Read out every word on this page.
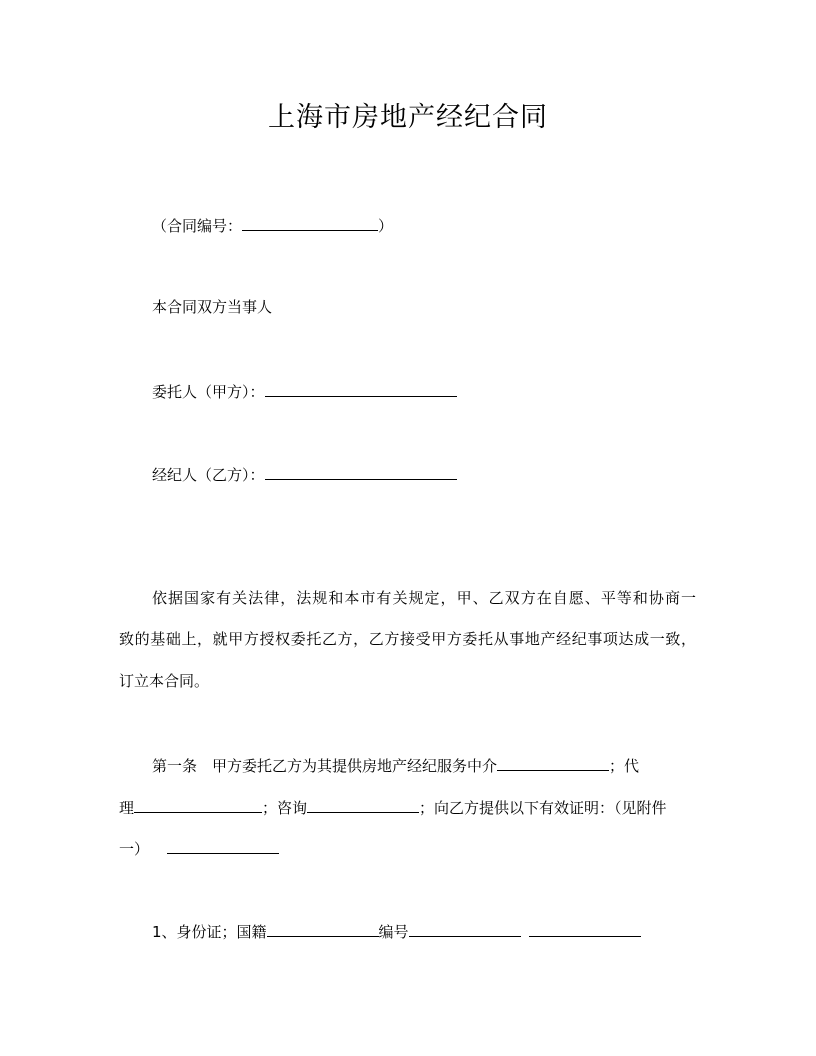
上海市房地产经纪合同
（合同编号：	）
本合同双方当事人
委托人（甲方）：
经纪人（乙方）：
依据国家有关法律，法规和本市有关规定，甲、乙双方在自愿、平等和协商一
致的基础上，就甲方授权委托乙方，乙方接受甲方委托从事地产经纪事项达成一致，
订立本合同。
第一条　甲方委托乙方为其提供房地产经纪服务中介	；代
理	；咨询	；向乙方提供以下有效证明：（见附件
一）
1、身份证；国籍	编号
